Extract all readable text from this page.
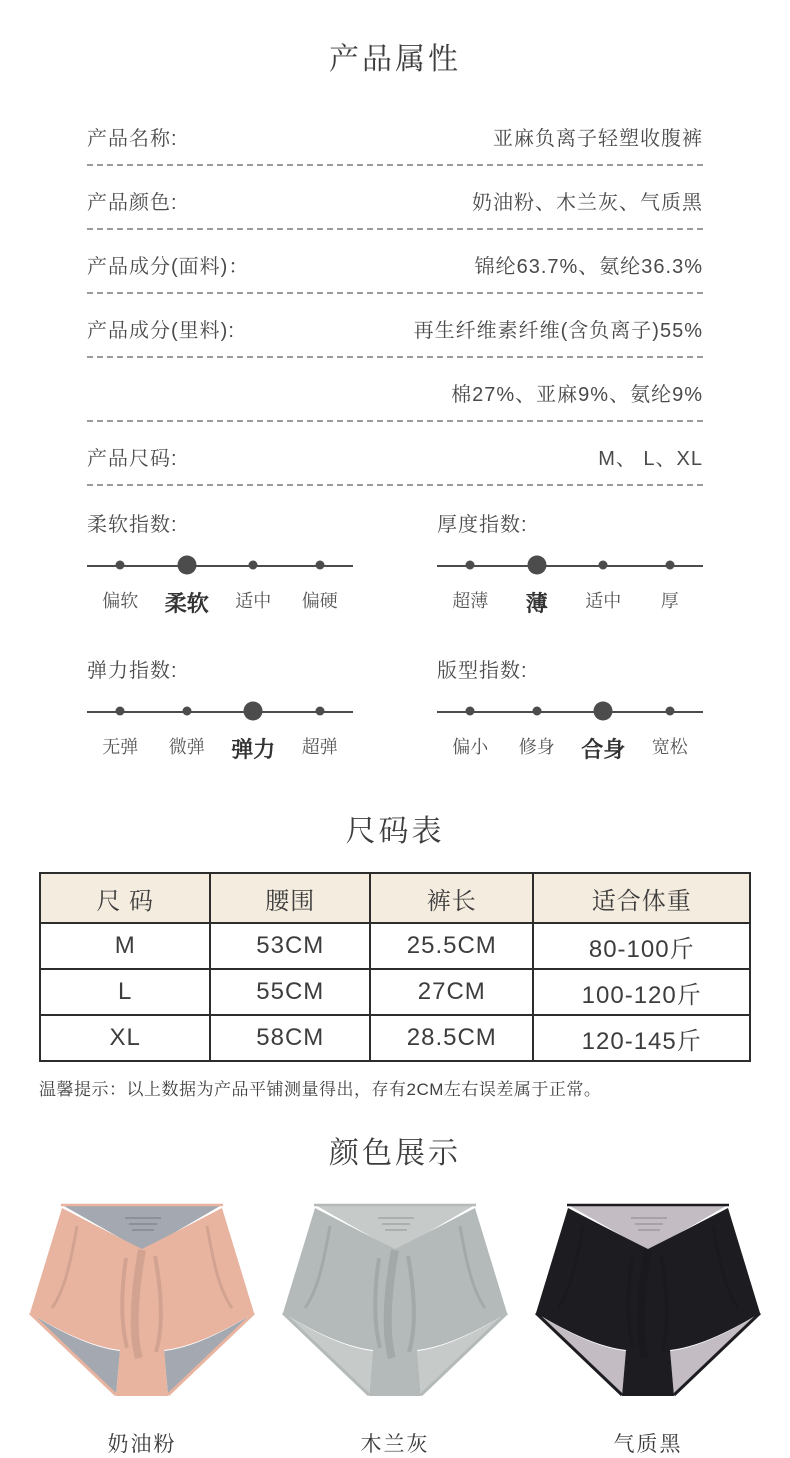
产品属性
产品名称:	亚麻负离子轻塑收腹裤
产品颜色:	奶油粉、木兰灰、气质黑
产品成分(面料)：	锦纶63.7%、氨纶36.3%
产品成分(里料):	再生纤维素纤维(含负离子)55%
棉27%、亚麻9%、氨纶9%
产品尺码:	M、 L、XL
柔软指数:
偏软	柔软	适中	偏硬
厚度指数:
超薄	薄	适中	厚
弹力指数:
无弹	微弹	弹力	超弹
版型指数:
偏小	修身	合身	宽松
尺码表
尺 码	腰围	裤长	适合体重
M	53CM	25.5CM	80-100斤
L	55CM	27CM	100-120斤
XL	58CM	28.5CM	120-145斤
温馨提示：以上数据为产品平铺测量得出，存有2CM左右误差属于正常。
颜色展示
奶油粉	木兰灰	气质黑
